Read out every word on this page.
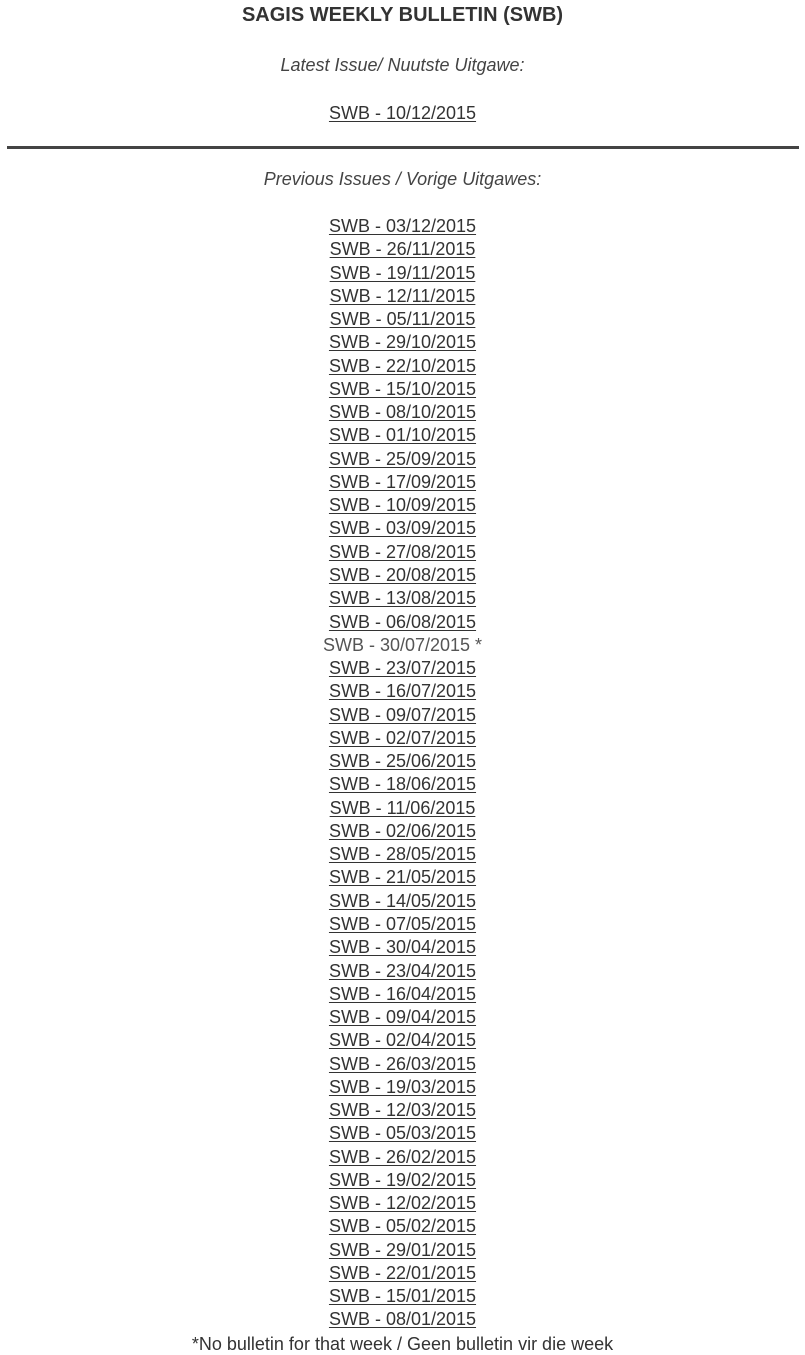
SAGIS WEEKLY BULLETIN (SWB)
Latest Issue/ Nuutste Uitgawe:
SWB - 10/12/2015
Previous Issues / Vorige Uitgawes:
SWB - 03/12/2015
SWB - 26/11/2015
SWB - 19/11/2015
SWB - 12/11/2015
SWB - 05/11/2015
SWB - 29/10/2015
SWB - 22/10/2015
SWB - 15/10/2015
SWB - 08/10/2015
SWB - 01/10/2015
SWB - 25/09/2015
SWB - 17/09/2015
SWB - 10/09/2015
SWB - 03/09/2015
SWB - 27/08/2015
SWB - 20/08/2015
SWB - 13/08/2015
SWB - 06/08/2015
SWB - 30/07/2015 *
SWB - 23/07/2015
SWB - 16/07/2015
SWB - 09/07/2015
SWB - 02/07/2015
SWB - 25/06/2015
SWB - 18/06/2015
SWB - 11/06/2015
SWB - 02/06/2015
SWB - 28/05/2015
SWB - 21/05/2015
SWB - 14/05/2015
SWB - 07/05/2015
SWB - 30/04/2015
SWB - 23/04/2015
SWB - 16/04/2015
SWB - 09/04/2015
SWB - 02/04/2015
SWB - 26/03/2015
SWB - 19/03/2015
SWB - 12/03/2015
SWB - 05/03/2015
SWB - 26/02/2015
SWB - 19/02/2015
SWB - 12/02/2015
SWB - 05/02/2015
SWB - 29/01/2015
SWB - 22/01/2015
SWB - 15/01/2015
SWB - 08/01/2015
*No bulletin for that week / Geen bulletin vir die week
